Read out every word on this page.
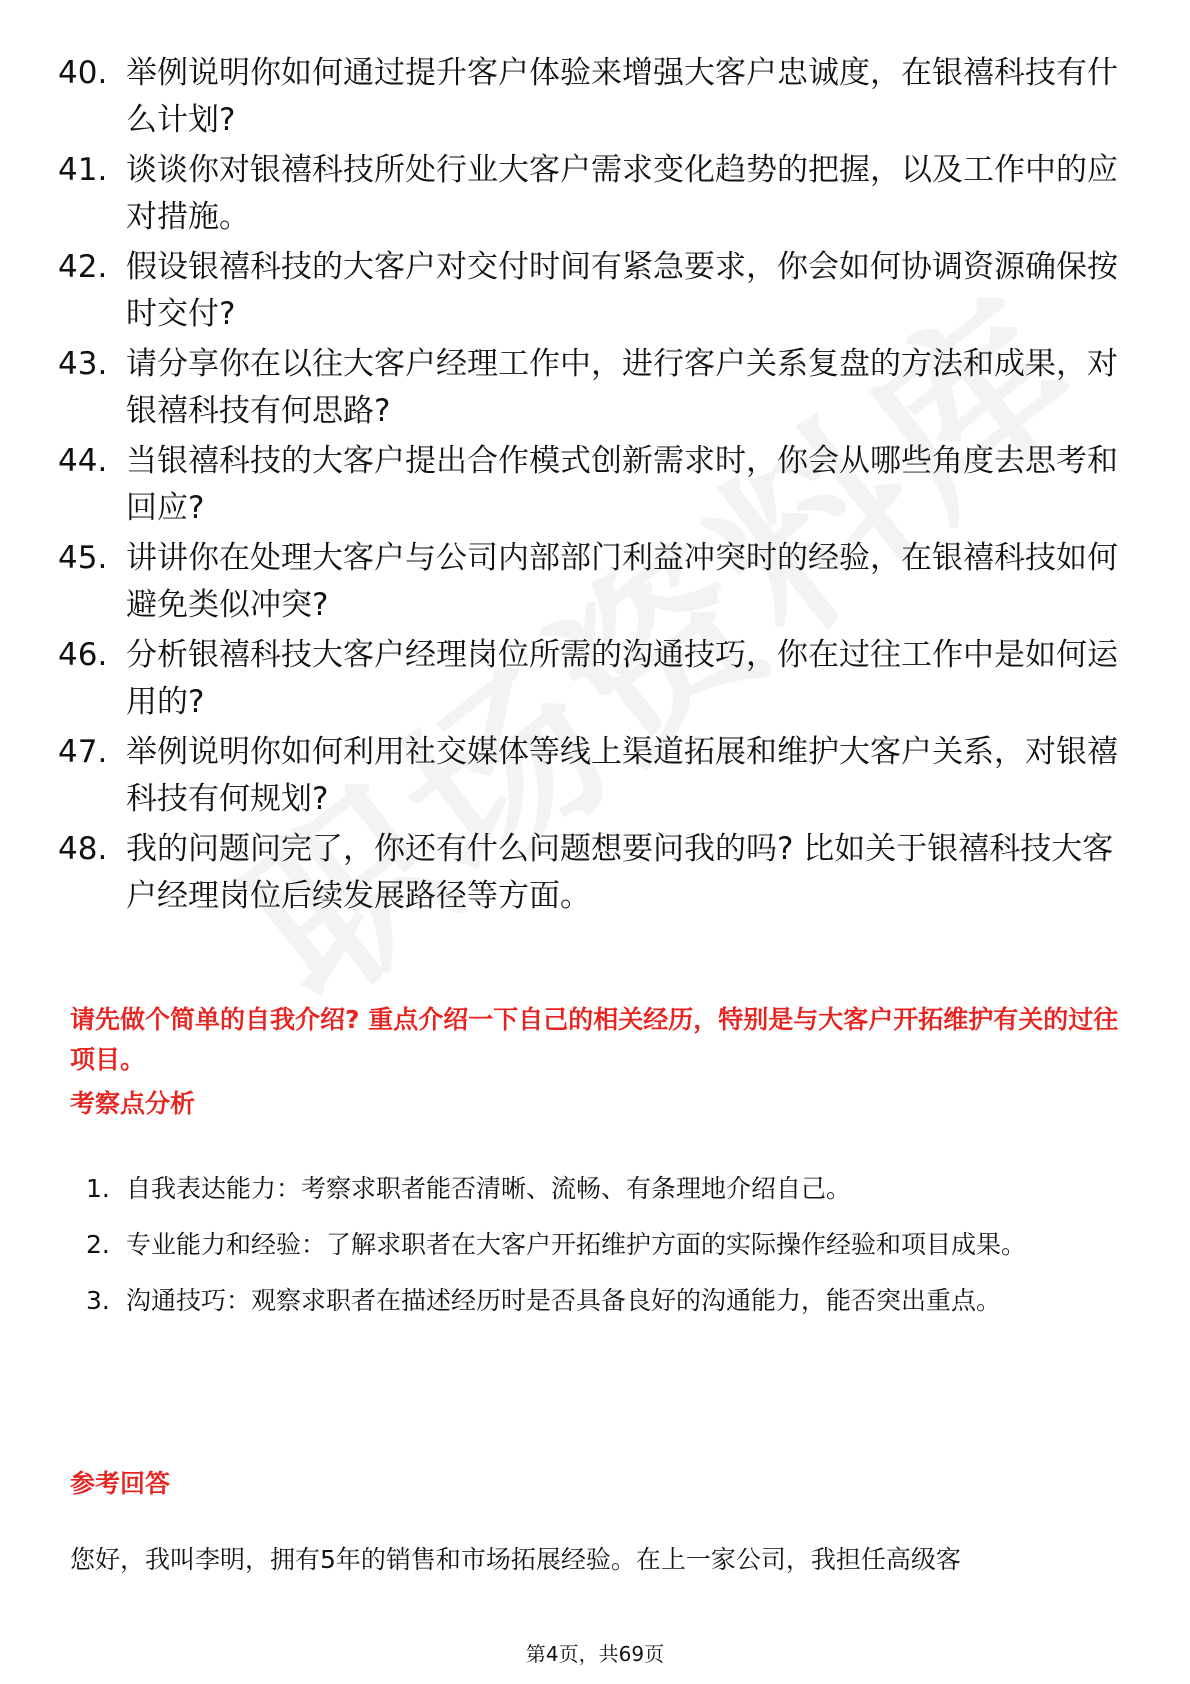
40. 举例说明你如何通过提升客户体验来增强大客户忠诚度，在银禧科技有什么计划?
41. 谈谈你对银禧科技所处行业大客户需求变化趋势的把握，以及工作中的应对措施。
42. 假设银禧科技的大客户对交付时间有紧急要求，你会如何协调资源确保按时交付?
43. 请分享你在以往大客户经理工作中，进行客户关系复盘的方法和成果，对银禧科技有何思路?
44. 当银禧科技的大客户提出合作模式创新需求时，你会从哪些角度去思考和回应?
45. 讲讲你在处理大客户与公司内部部门利益冲突时的经验，在银禧科技如何避免类似冲突?
46. 分析银禧科技大客户经理岗位所需的沟通技巧，你在过往工作中是如何运用的?
47. 举例说明你如何利用社交媒体等线上渠道拓展和维护大客户关系，对银禧科技有何规划?
48. 我的问题问完了，你还有什么问题想要问我的吗? 比如关于银禧科技大客户经理岗位后续发展路径等方面。

请先做个简单的自我介绍? 重点介绍一下自己的相关经历，特别是与大客户开拓维护有关的过往项目。

考察点分析
1. 自我表达能力：考察求职者能否清晰、流畅、有条理地介绍自己。
2. 专业能力和经验：了解求职者在大客户开拓维护方面的实际操作经验和项目成果。
3. 沟通技巧：观察求职者在描述经历时是否具备良好的沟通能力，能否突出重点。
参考回答

您好，我叫李明，拥有5年的销售和市场拓展经验。在上一家公司，我担任高级客

第4页，共69页
